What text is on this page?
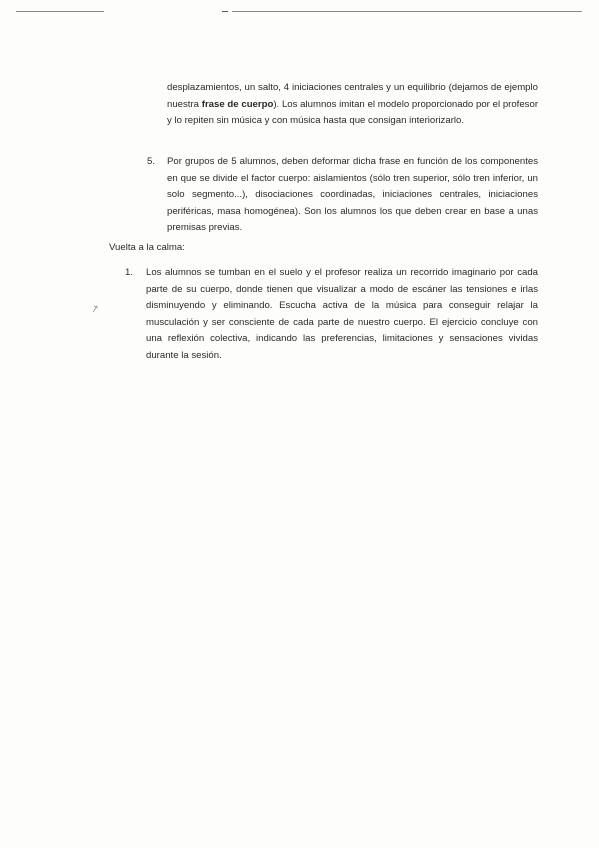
↗

desplazamientos, un salto, 4 iniciaciones centrales y un equilibrio (dejamos de ejemplo nuestra frase de cuerpo). Los alumnos imitan el modelo proporcionado por el profesor y lo repiten sin música y con música hasta que consigan interiorizarlo.

5. Por grupos de 5 alumnos, deben deformar dicha frase en función de los componentes en que se divide el factor cuerpo: aislamientos (sólo tren superior, sólo tren inferior, un solo segmento...), disociaciones coordinadas, iniciaciones centrales, iniciaciones periféricas, masa homogénea). Son los alumnos los que deben crear en base a unas premisas previas.
Vuelta a la calma:
1. Los alumnos se tumban en el suelo y el profesor realiza un recorrido imaginario por cada parte de su cuerpo, donde tienen que visualizar a modo de escáner las tensiones e irlas disminuyendo y eliminando. Escucha activa de la música para conseguir relajar la musculación y ser consciente de cada parte de nuestro cuerpo. El ejercicio concluye con una reflexión colectiva, indicando las preferencias, limitaciones y sensaciones vividas durante la sesión.
